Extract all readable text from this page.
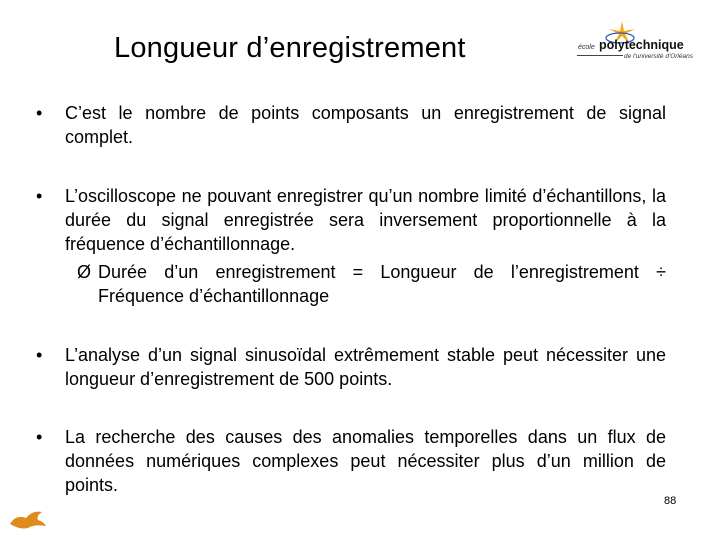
Longueur d’enregistrement	école polytechnique
de l'université d'Orléans
• C’est le nombre de points composants un enregistrement de signal complet.
• L’oscilloscope ne pouvant enregistrer qu’un nombre limité d’échantillons, la durée du signal enregistrée sera inversement proportionnelle à la fréquence d’échantillonnage.
Ø Durée d’un enregistrement = Longueur de l’enregistrement ÷ Fréquence d’échantillonnage
• L’analyse d’un signal sinusoïdal extrêmement stable peut nécessiter une longueur d’enregistrement de 500 points.
• La recherche des causes des anomalies temporelles dans un flux de données numériques complexes peut nécessiter plus d’un million de points.
88
